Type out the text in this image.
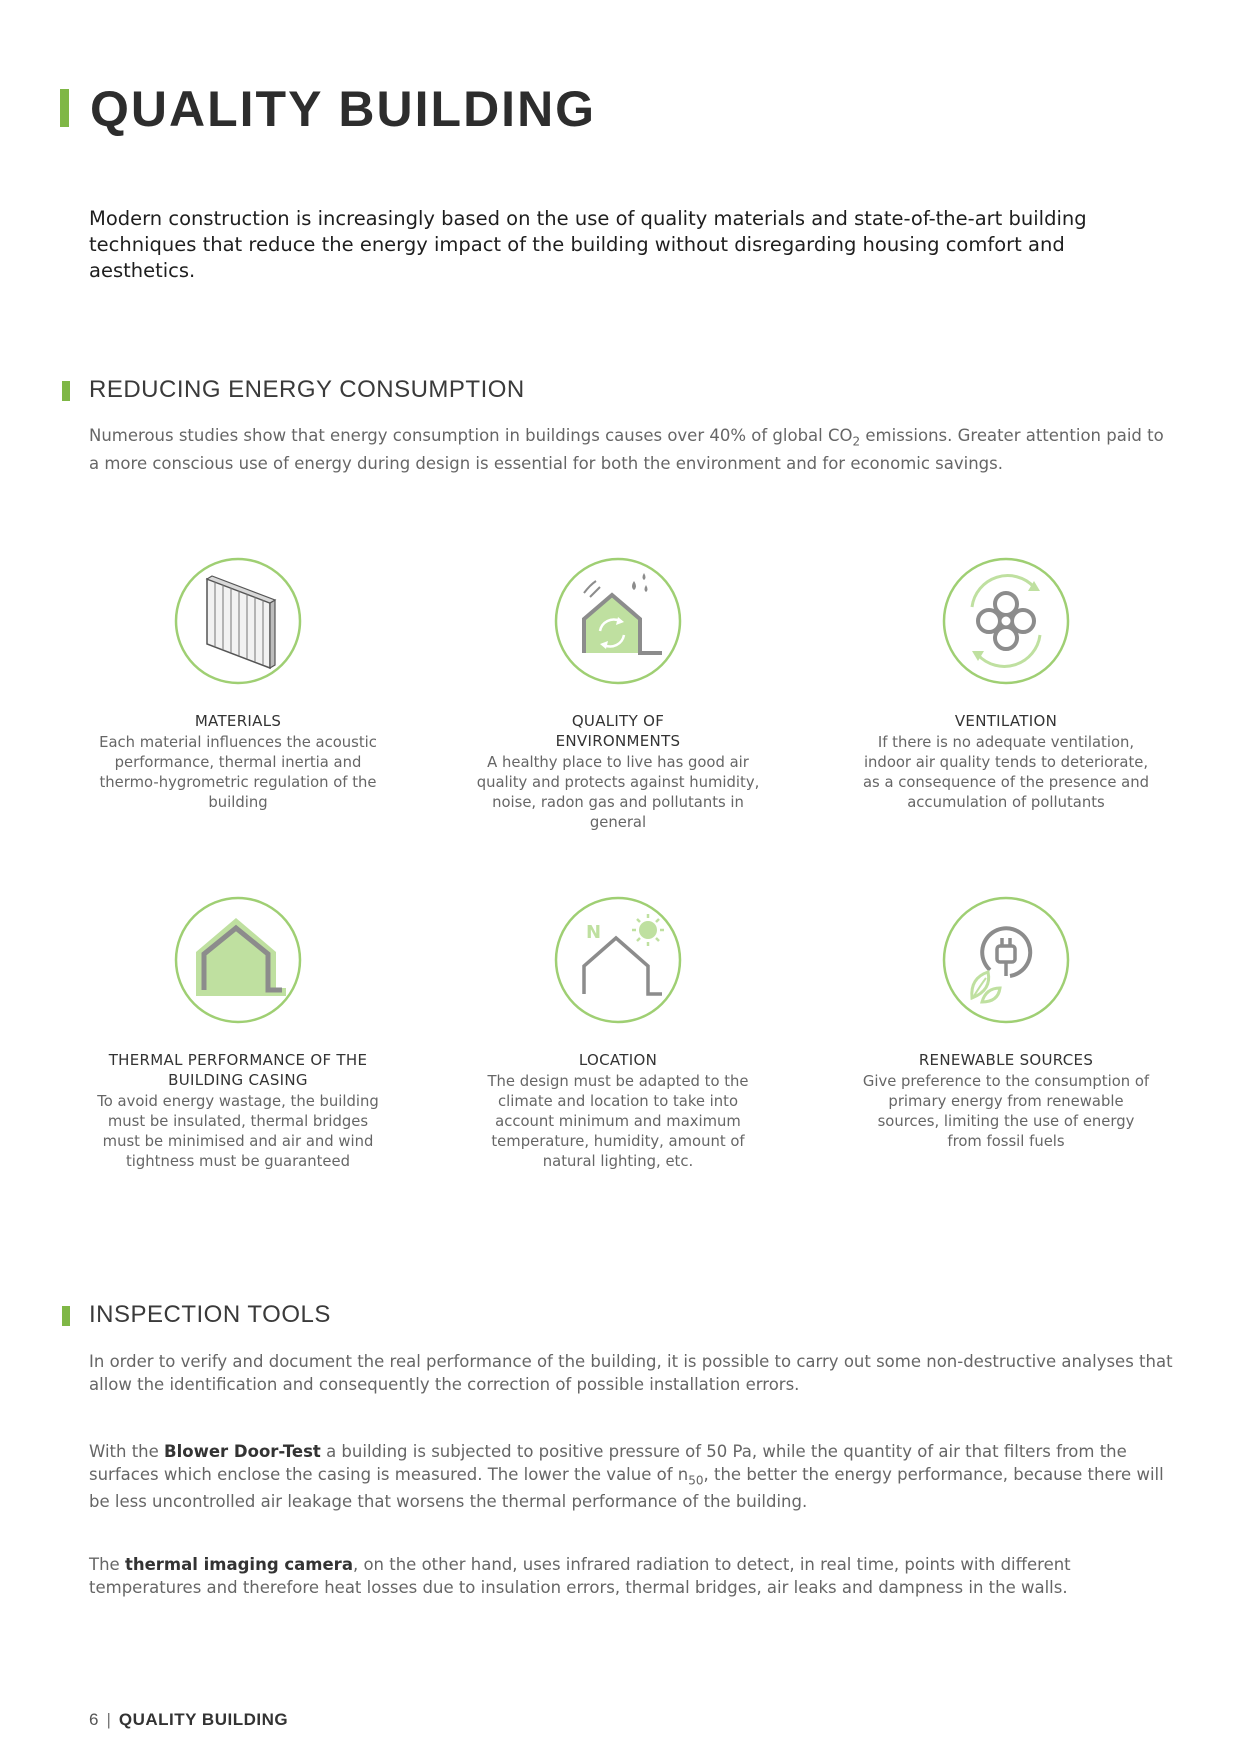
QUALITY BUILDING

Modern construction is increasingly based on the use of quality materials and state-of-the-art building techniques that reduce the energy impact of the building without disregarding housing comfort and aesthetics.

REDUCING ENERGY CONSUMPTION

Numerous studies show that energy consumption in buildings causes over 40% of global $CO_2$ emissions. Greater attention paid to a more conscious use of energy during design is essential for both the environment and for economic savings.

MATERIALS
Each material influences the acoustic performance, thermal inertia and thermo-hygrometric regulation of the building
QUALITY OF ENVIRONMENTS
A healthy place to live has good air quality and protects against humidity, noise, radon gas and pollutants in general
VENTILATION
If there is no adequate ventilation, indoor air quality tends to deteriorate, as a consequence of the presence and accumulation of pollutants
THERMAL PERFORMANCE OF THE BUILDING CASING
To avoid energy wastage, the building must be insulated, thermal bridges must be minimised and air and wind tightness must be guaranteed
N
LOCATION
The design must be adapted to the climate and location to take into account minimum and maximum temperature, humidity, amount of natural lighting, etc.
RENEWABLE SOURCES
Give preference to the consumption of primary energy from renewable sources, limiting the use of energy from fossil fuels
INSPECTION TOOLS

In order to verify and document the real performance of the building, it is possible to carry out some non-destructive analyses that allow the identification and consequently the correction of possible installation errors.

With the Blower Door-Test a building is subjected to positive pressure of 50 Pa, while the quantity of air that filters from the surfaces which enclose the casing is measured. The lower the value of $n_{50}$, the better the energy performance, because there will be less uncontrolled air leakage that worsens the thermal performance of the building.

The thermal imaging camera, on the other hand, uses infrared radiation to detect, in real time, points with different temperatures and therefore heat losses due to insulation errors, thermal bridges, air leaks and dampness in the walls.

6 | QUALITY BUILDING
